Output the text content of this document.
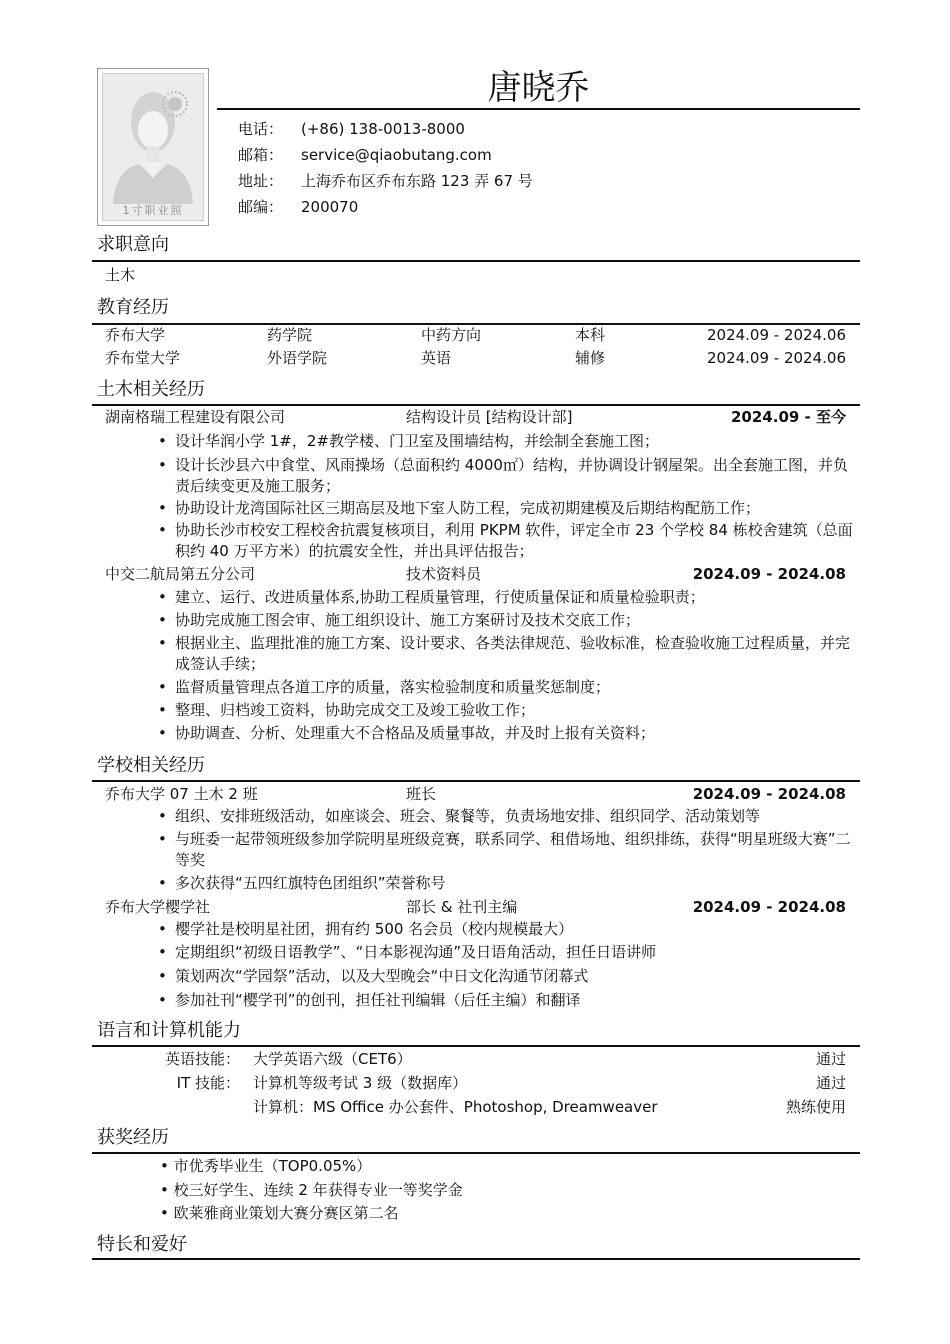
1寸职业照
唐晓乔
电话：	(+86) 138-0013-8000
邮箱：	service@qiaobutang.com
地址：	上海乔布区乔布东路 123 弄 67 号
邮编：	200070
求职意向
土木
教育经历
乔布大学	药学院	中药方向	本科	2024.09 - 2024.06
乔布堂大学	外语学院	英语	辅修	2024.09 - 2024.06
土木相关经历
湖南格瑞工程建设有限公司	结构设计员 [结构设计部]	2024.09 - 至今
• 设计华润小学 1#，2#教学楼、门卫室及围墙结构，并绘制全套施工图；
• 设计长沙县六中食堂、风雨操场（总面积约 4000㎡）结构，并协调设计钢屋架。出全套施工图，并负责后续变更及施工服务；
• 协助设计龙湾国际社区三期高层及地下室人防工程，完成初期建模及后期结构配筋工作；
• 协助长沙市校安工程校舍抗震复核项目，利用 PKPM 软件，评定全市 23 个学校 84 栋校舍建筑（总面积约 40 万平方米）的抗震安全性，并出具评估报告；
中交二航局第五分公司	技术资料员	2024.09 - 2024.08
• 建立、运行、改进质量体系,协助工程质量管理，行使质量保证和质量检验职责；
• 协助完成施工图会审、施工组织设计、施工方案研讨及技术交底工作；
• 根据业主、监理批准的施工方案、设计要求、各类法律规范、验收标准，检查验收施工过程质量，并完成签认手续；
• 监督质量管理点各道工序的质量，落实检验制度和质量奖惩制度；
• 整理、归档竣工资料，协助完成交工及竣工验收工作；
• 协助调查、分析、处理重大不合格品及质量事故，并及时上报有关资料；
学校相关经历
乔布大学 07 土木 2 班	班长	2024.09 - 2024.08
• 组织、安排班级活动，如座谈会、班会、聚餐等，负责场地安排、组织同学、活动策划等
• 与班委一起带领班级参加学院明星班级竞赛，联系同学、租借场地、组织排练，获得“明星班级大赛”二等奖
• 多次获得“五四红旗特色团组织”荣誉称号
乔布大学樱学社	部长 & 社刊主编	2024.09 - 2024.08
• 樱学社是校明星社团，拥有约 500 名会员（校内规模最大）
• 定期组织“初级日语教学”、“日本影视沟通”及日语角活动，担任日语讲师
• 策划两次“学园祭”活动，以及大型晚会“中日文化沟通节闭幕式
• 参加社刊“樱学刊”的创刊，担任社刊编辑（后任主编）和翻译
语言和计算机能力
英语技能： 大学英语六级（CET6）	通过
IT 技能： 计算机等级考试 3 级（数据库）	通过
计算机：MS Office 办公套件、Photoshop, Dreamweaver	熟练使用
获奖经历
• 市优秀毕业生（TOP0.05%）
• 校三好学生、连续 2 年获得专业一等奖学金
• 欧莱雅商业策划大赛分赛区第二名
特长和爱好
